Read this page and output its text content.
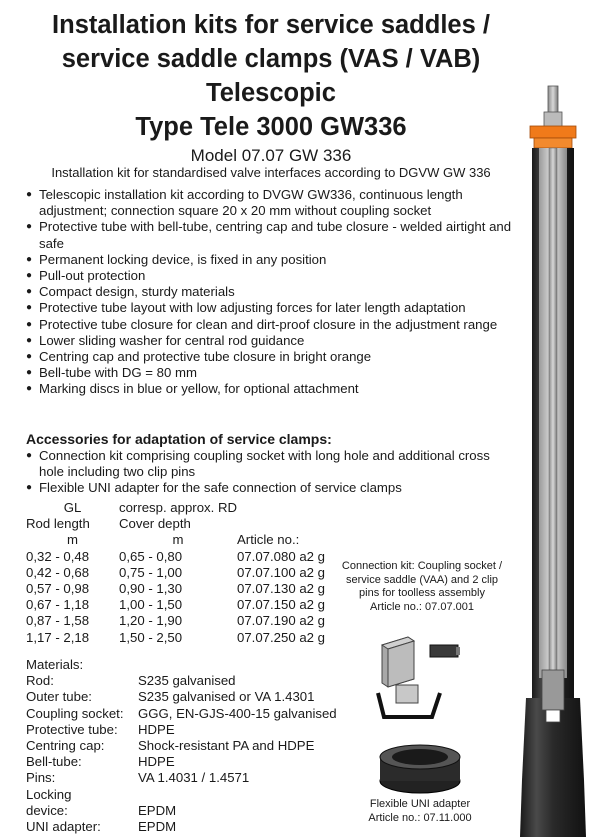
Installation kits for service saddles /
service saddle clamps (VAS / VAB)
Telescopic
Type Tele 3000 GW336
Model 07.07 GW 336
Installation kit for standardised valve interfaces according to DGVW GW 336
● Telescopic installation kit according to DVGW GW336, continuous length adjustment; connection square 20 x 20 mm without coupling socket
● Protective tube with bell-tube, centring cap and tube closure - welded airtight and safe
● Permanent locking device, is fixed in any position
● Pull-out protection
● Compact design, sturdy materials
● Protective tube layout with low adjusting forces for later length adaptation
● Protective tube closure for clean and dirt-proof closure in the adjustment range
● Lower sliding washer for central rod guidance
● Centring cap and protective tube closure in bright orange
● Bell-tube with DG = 80 mm
● Marking discs in blue or yellow, for optional attachment
Accessories for adaptation of service clamps:
● Connection kit comprising coupling socket with long hole and additional cross hole including two clip pins
● Flexible UNI adapter for the safe connection of service clamps
GL	corresp. approx. RD	
Rod length	Cover depth	
m	m	Article no.:
0,32 - 0,48	0,65 - 0,80	07.07.080 a2 g
0,42 - 0,68	0,75 - 1,00	07.07.100 a2 g
0,57 - 0,98	0,90 - 1,30	07.07.130 a2 g
0,67 - 1,18	1,00 - 1,50	07.07.150 a2 g
0,87 - 1,58	1,20 - 1,90	07.07.190 a2 g
1,17 - 2,18	1,50 - 2,50	07.07.250 a2 g
Materials:	
Rod:	S235 galvanised
Outer tube:	S235 galvanised or VA 1.4301
Coupling socket:	GGG, EN-GJS-400-15 galvanised
Protective tube:	HDPE
Centring cap:	Shock-resistant PA and HDPE
Bell-tube:	HDPE
Pins:	VA 1.4031 / 1.4571
Locking	
device:	EPDM
UNI adapter:	EPDM
Connection kit: Coupling socket /
service saddle (VAA) and 2 clip
pins for toolless assembly
Article no.: 07.07.001
Flexible UNI adapter
Article no.: 07.11.000
